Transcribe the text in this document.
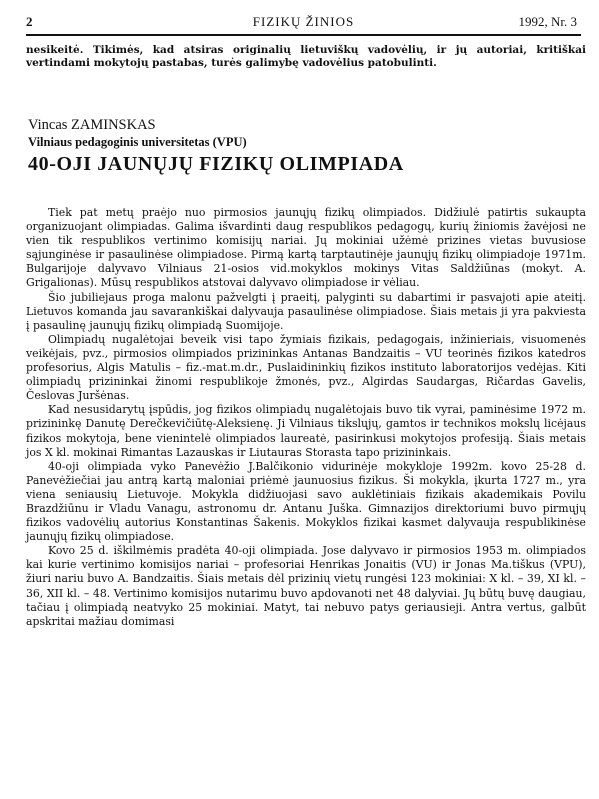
2	FIZIKŲ ŽINIOS	1992, Nr. 3
nesikeitė. Tikimės, kad atsiras originalių lietuviškų vadovėlių, ir jų autoriai, kritiškai vertindami mokytojų pastabas, turės galimybę vadovėlius patobulinti.
Vincas ZAMINSKAS
Vilniaus pedagoginis universitetas (VPU)
40-OJI JAUNŲJŲ FIZIKŲ OLIMPIADA

Tiek pat metų praėjo nuo pirmosios jaunųjų fizikų olimpiados. Didžiulė patirtis sukaupta organizuojant olimpiadas. Galima išvardinti daug respublikos pedagogų, kurių žiniomis žavėjosi ne vien tik respublikos vertinimo komisijų nariai. Jų mokiniai užėmė prizines vietas buvusiose sąjunginėse ir pasaulinėse olimpiadose. Pirmą kartą tarptautinėje jaunųjų fizikų olimpiadoje 1971m. Bulgarijoje dalyvavo Vilniaus 21-osios vid.mokyklos mokinys Vitas Saldžiūnas (mokyt. A. Grigalionas). Mūsų respublikos atstovai dalyvavo olimpiadose ir vėliau.

Šio jubiliejaus proga malonu pažvelgti į praeitį, palyginti su dabartimi ir pasvajoti apie ateitį. Lietuvos komanda jau savarankiškai dalyvauja pasaulinėse olimpiadose. Šiais metais ji yra pakviesta į pasaulinę jaunųjų fizikų olimpiadą Suomijoje.

Olimpiadų nugalėtojai beveik visi tapo žymiais fizikais, pedagogais, inžinieriais, visuomenės veikėjais, pvz., pirmosios olimpiados prizininkas Antanas Bandzaitis – VU teorinės fizikos katedros profesorius, Algis Matulis – fiz.-mat.m.dr., Puslaidininkių fizikos instituto laboratorijos vedėjas. Kiti olimpiadų prizininkai žinomi respublikoje žmonės, pvz., Algirdas Saudargas, Ričardas Gavelis, Česlovas Juršėnas.

Kad nesusidarytų įspūdis, jog fizikos olimpiadų nugalėtojais buvo tik vyrai, paminėsime 1972 m. prizininkę Danutę Derečkevičiūtę-Aleksienę. Ji Vilniaus tikslųjų, gamtos ir technikos mokslų licėjaus fizikos mokytoja, bene vienintelė olimpiados laureatė, pasirinkusi mokytojos profesiją. Šiais metais jos X kl. mokinai Rimantas Lazauskas ir Liutauras Storasta tapo prizininkais.

40-oji olimpiada vyko Panevėžio J.Balčikonio vidurinėje mokykloje 1992m. kovo 25-28 d. Panevėžiečiai jau antrą kartą maloniai priėmė jaunuosius fizikus. Ši mokykla, įkurta 1727 m., yra viena seniausių Lietuvoje. Mokykla didžiuojasi savo auklėtiniais fizikais akademikais Povilu Brazdžiūnu ir Vladu Vanagu, astronomu dr. Antanu Juška. Gimnazijos direktoriumi buvo pirmųjų fizikos vadovėlių autorius Konstantinas Šakenis. Mokyklos fizikai kasmet dalyvauja respublikinėse jaunųjų fizikų olimpiadose.

Kovo 25 d. iškilmėmis pradėta 40-oji olimpiada. Jose dalyvavo ir pirmosios 1953 m. olimpiados kai kurie vertinimo komisijos nariai – profesoriai Henrikas Jonaitis (VU) ir Jonas Ma.tiškus (VPU), žiuri nariu buvo A. Bandzaitis. Šiais metais dėl prizinių vietų rungėsi 123 mokiniai: X kl. – 39, XI kl. – 36, XII kl. – 48. Vertinimo komisijos nutarimu buvo apdovanoti net 48 dalyviai. Jų būtų buvę daugiau, tačiau į olimpiadą neatvyko 25 mokiniai. Matyt, tai nebuvo patys geriausieji. Antra vertus, galbūt apskritai mažiau domimasi
